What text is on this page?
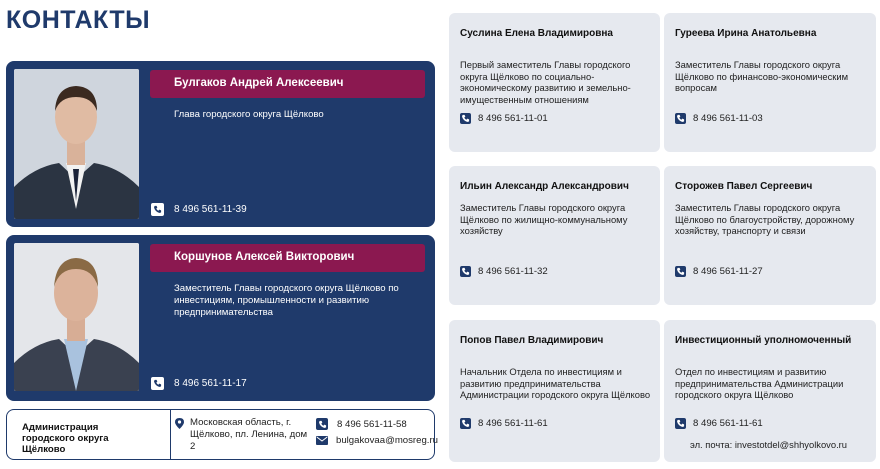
КОНТАКТЫ
Булгаков Андрей Алексеевич
Глава городского округа Щёлково
8 496 561-11-39
Коршунов Алексей Викторович
Заместитель Главы городского округа Щёлково по инвестициям, промышленности и развитию предпринимательства
8 496 561-11-17
Администрация городского округа Щёлково
Московская область, г. Щёлково, пл. Ленина, дом 2
8 496 561-11-58
bulgakovaa@mosreg.ru
Суслина Елена Владимировна
Первый заместитель Главы городского округа Щёлково по социально-экономическому развитию и земельно-имущественным отношениям
8 496 561-11-01
Гуреева Ирина Анатольевна
Заместитель Главы городского округа Щёлково по финансово-экономическим вопросам
8 496 561-11-03
Ильин Александр Александрович
Заместитель Главы городского округа Щёлково по жилищно-коммунальному хозяйству
8 496 561-11-32
Сторожев Павел Сергеевич
Заместитель Главы городского округа Щёлково по благоустройству, дорожному хозяйству, транспорту и связи
8 496 561-11-27
Попов Павел Владимирович
Начальник Отдела по инвестициям и развитию предпринимательства Администрации городского округа Щёлково
8 496 561-11-61
Инвестиционный уполномоченный
Отдел по инвестициям и развитию предпринимательства Администрации городского округа Щёлково
8 496 561-11-61
эл. почта: investotdel@shhyolkovo.ru
